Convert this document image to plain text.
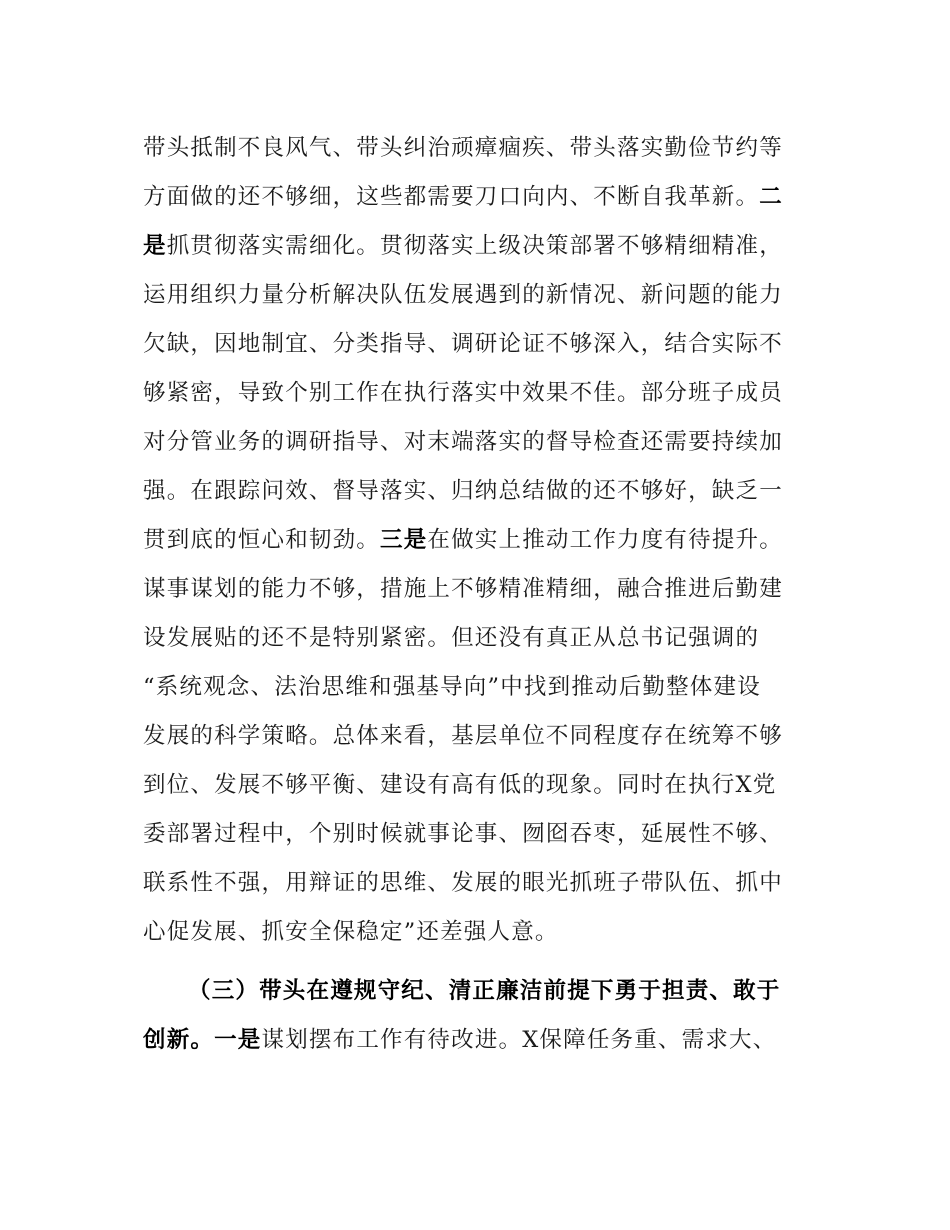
带头抵制不良风气、带头纠治顽瘴痼疾、带头落实勤俭节约等
方面做的还不够细，这些都需要刀口向内、不断自我革新。二
是抓贯彻落实需细化。贯彻落实上级决策部署不够精细精准，
运用组织力量分析解决队伍发展遇到的新情况、新问题的能力
欠缺，因地制宜、分类指导、调研论证不够深入，结合实际不
够紧密，导致个别工作在执行落实中效果不佳。部分班子成员
对分管业务的调研指导、对末端落实的督导检查还需要持续加
强。在跟踪问效、督导落实、归纳总结做的还不够好，缺乏一
贯到底的恒心和韧劲。三是在做实上推动工作力度有待提升。
谋事谋划的能力不够，措施上不够精准精细，融合推进后勤建
设发展贴的还不是特别紧密。但还没有真正从总书记强调的
“系统观念、法治思维和强基导向”中找到推动后勤整体建设
发展的科学策略。总体来看，基层单位不同程度存在统筹不够
到位、发展不够平衡、建设有高有低的现象。同时在执行X党
委部署过程中，个别时候就事论事、囫囵吞枣，延展性不够、
联系性不强，用辩证的思维、发展的眼光抓班子带队伍、抓中
心促发展、抓安全保稳定”还差强人意。
（三）带头在遵规守纪、清正廉洁前提下勇于担责、敢于
创新。一是谋划摆布工作有待改进。X保障任务重、需求大、
